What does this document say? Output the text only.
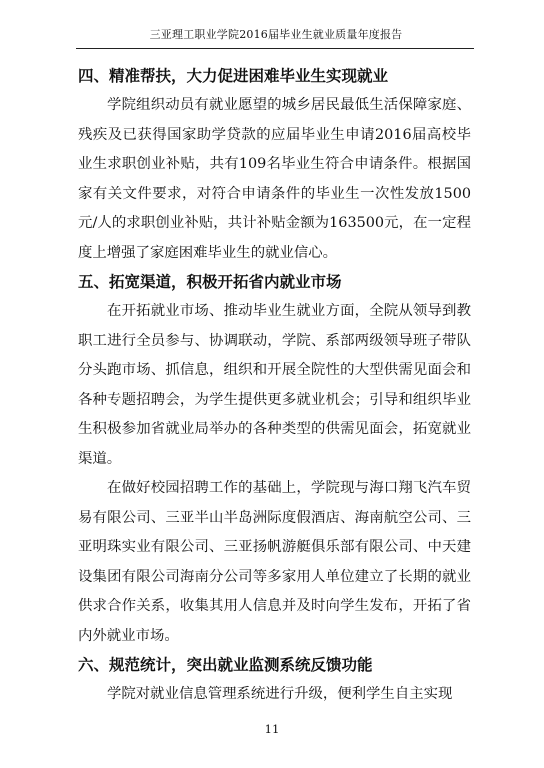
三亚理工职业学院2016届毕业生就业质量年度报告
四、精准帮扶，大力促进困难毕业生实现就业

学院组织动员有就业愿望的城乡居民最低生活保障家庭、残疾及已获得国家助学贷款的应届毕业生申请2016届高校毕业生求职创业补贴，共有109名毕业生符合申请条件。根据国家有关文件要求，对符合申请条件的毕业生一次性发放1500元/人的求职创业补贴，共计补贴金额为163500元，在一定程度上增强了家庭困难毕业生的就业信心。

五、拓宽渠道，积极开拓省内就业市场

在开拓就业市场、推动毕业生就业方面，全院从领导到教职工进行全员参与、协调联动，学院、系部两级领导班子带队分头跑市场、抓信息，组织和开展全院性的大型供需见面会和各种专题招聘会，为学生提供更多就业机会；引导和组织毕业生积极参加省就业局举办的各种类型的供需见面会，拓宽就业渠道。

在做好校园招聘工作的基础上，学院现与海口翔飞汽车贸易有限公司、三亚半山半岛洲际度假酒店、海南航空公司、三亚明珠实业有限公司、三亚扬帆游艇俱乐部有限公司、中天建设集团有限公司海南分公司等多家用人单位建立了长期的就业供求合作关系，收集其用人信息并及时向学生发布，开拓了省内外就业市场。

六、规范统计，突出就业监测系统反馈功能

学院对就业信息管理系统进行升级，便利学生自主实现

11
